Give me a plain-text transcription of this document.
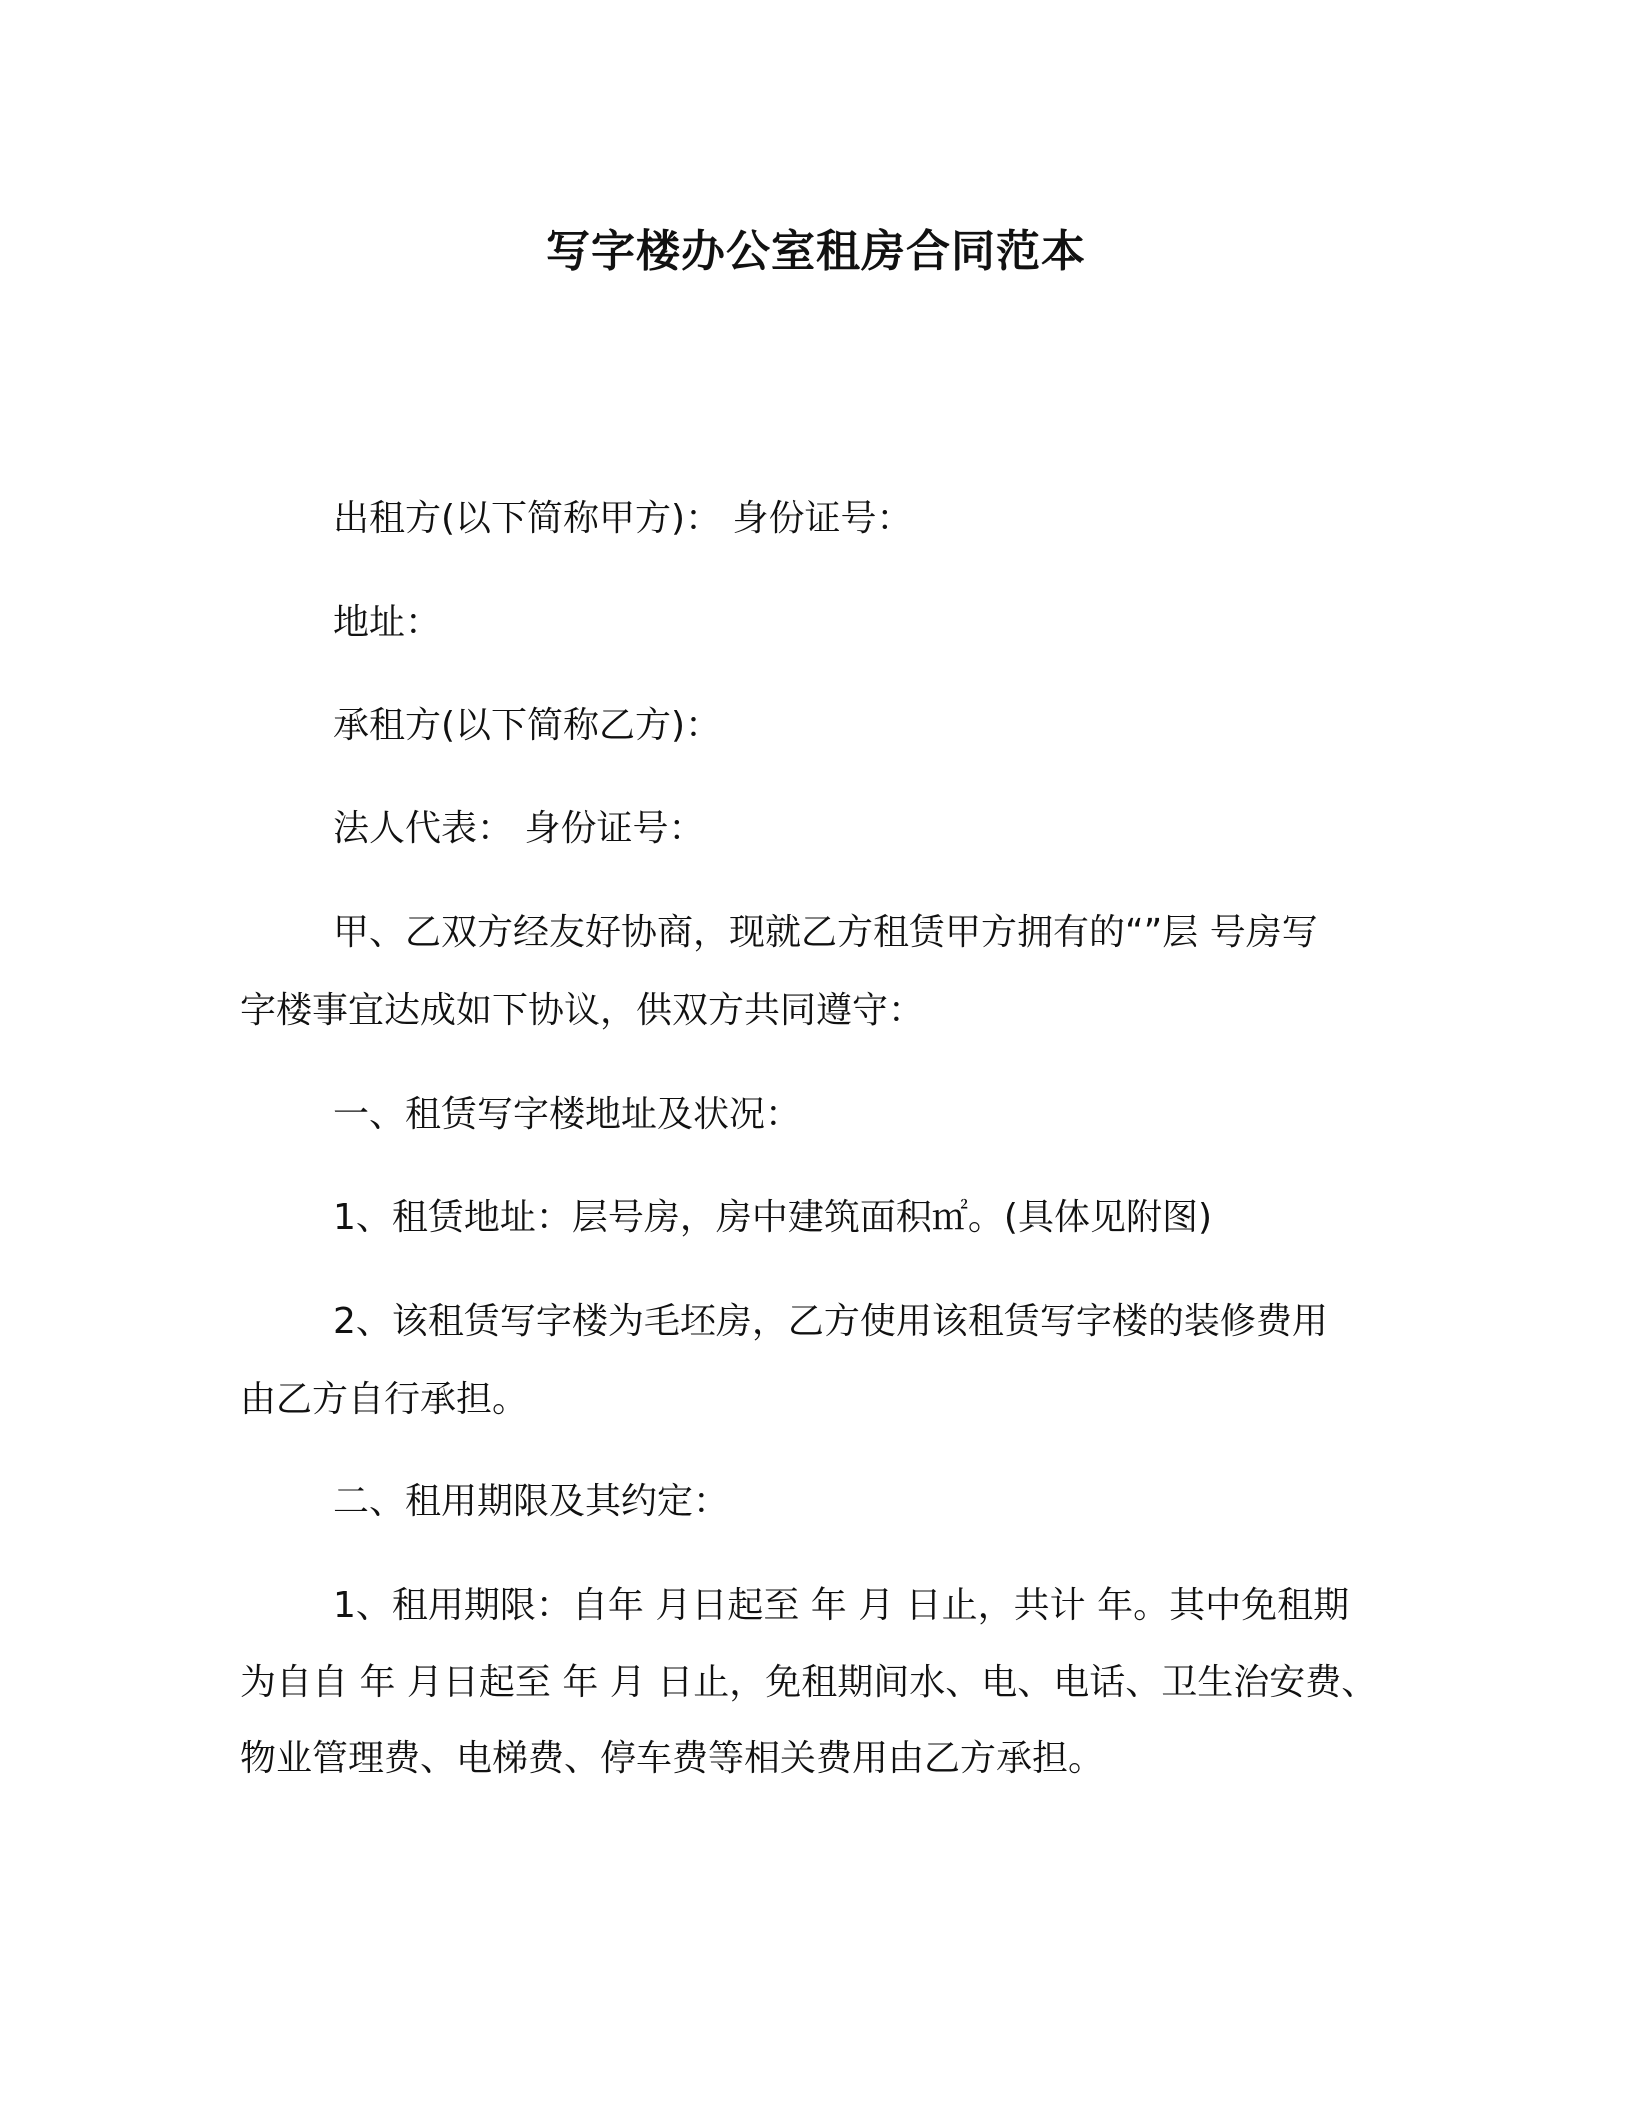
写字楼办公室租房合同范本
出租方(以下简称甲方)： 身份证号：
地址：
承租方(以下简称乙方)：
法人代表： 身份证号：
甲、乙双方经友好协商，现就乙方租赁甲方拥有的“”层 号房写
字楼事宜达成如下协议，供双方共同遵守：
一、租赁写字楼地址及状况：
1、租赁地址：层号房，房中建筑面积㎡。(具体见附图)
2、该租赁写字楼为毛坯房，乙方使用该租赁写字楼的装修费用
由乙方自行承担。
二、租用期限及其约定：
1、租用期限：自年 月日起至 年 月 日止，共计 年。其中免租期
为自自 年 月日起至 年 月 日止，免租期间水、电、电话、卫生治安费、
物业管理费、电梯费、停车费等相关费用由乙方承担。
